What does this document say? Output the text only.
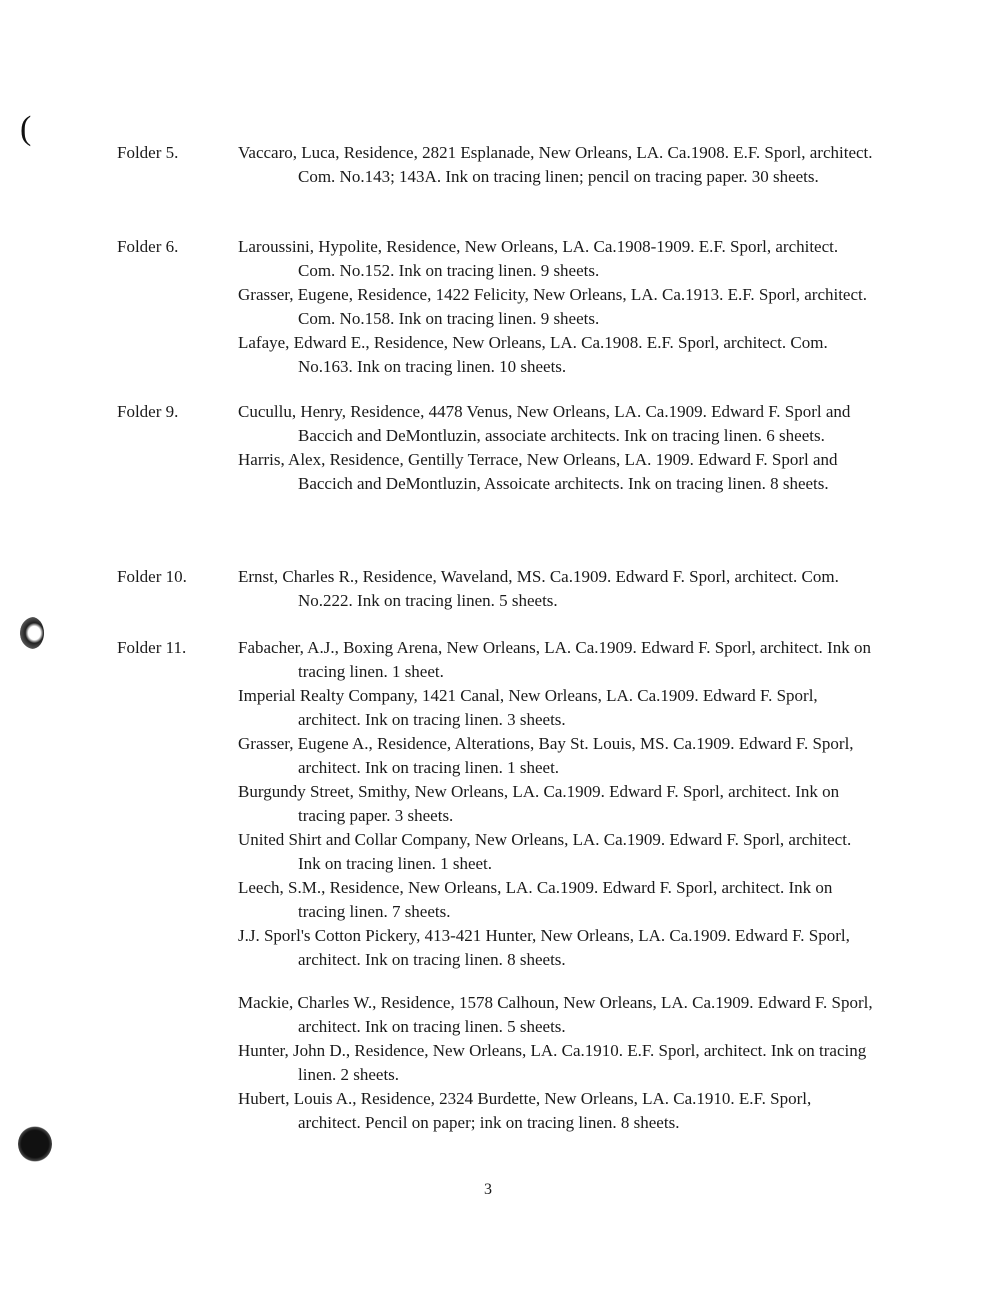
(
Folder 5.	Vaccaro, Luca, Residence, 2821 Esplanade, New Orleans, LA. Ca.1908. E.F. Sporl, architect. Com. No.143; 143A. Ink on tracing linen; pencil on tracing paper. 30 sheets.
Folder 6.	Laroussini, Hypolite, Residence, New Orleans, LA. Ca.1908-1909. E.F. Sporl, architect. Com. No.152. Ink on tracing linen. 9 sheets.
Grasser, Eugene, Residence, 1422 Felicity, New Orleans, LA. Ca.1913. E.F. Sporl, architect. Com. No.158. Ink on tracing linen. 9 sheets.
Lafaye, Edward E., Residence, New Orleans, LA. Ca.1908. E.F. Sporl, architect. Com. No.163. Ink on tracing linen. 10 sheets.
Folder 9.	Cucullu, Henry, Residence, 4478 Venus, New Orleans, LA. Ca.1909. Edward F. Sporl and Baccich and DeMontluzin, associate architects. Ink on tracing linen. 6 sheets.
Harris, Alex, Residence, Gentilly Terrace, New Orleans, LA. 1909. Edward F. Sporl and Baccich and DeMontluzin, Assoicate architects. Ink on tracing linen. 8 sheets.
Folder 10.	Ernst, Charles R., Residence, Waveland, MS. Ca.1909. Edward F. Sporl, architect. Com. No.222. Ink on tracing linen. 5 sheets.
Folder 11.	Fabacher, A.J., Boxing Arena, New Orleans, LA. Ca.1909. Edward F. Sporl, architect. Ink on tracing linen. 1 sheet.
Imperial Realty Company, 1421 Canal, New Orleans, LA. Ca.1909. Edward F. Sporl, architect. Ink on tracing linen. 3 sheets.
Grasser, Eugene A., Residence, Alterations, Bay St. Louis, MS. Ca.1909. Edward F. Sporl, architect. Ink on tracing linen. 1 sheet.
Burgundy Street, Smithy, New Orleans, LA. Ca.1909. Edward F. Sporl, architect. Ink on tracing paper. 3 sheets.
United Shirt and Collar Company, New Orleans, LA. Ca.1909. Edward F. Sporl, architect. Ink on tracing linen. 1 sheet.
Leech, S.M., Residence, New Orleans, LA. Ca.1909. Edward F. Sporl, architect. Ink on tracing linen. 7 sheets.
J.J. Sporl's Cotton Pickery, 413-421 Hunter, New Orleans, LA. Ca.1909. Edward F. Sporl, architect. Ink on tracing linen. 8 sheets.
Mackie, Charles W., Residence, 1578 Calhoun, New Orleans, LA. Ca.1909. Edward F. Sporl, architect. Ink on tracing linen. 5 sheets.
Hunter, John D., Residence, New Orleans, LA. Ca.1910. E.F. Sporl, architect. Ink on tracing linen. 2 sheets.
Hubert, Louis A., Residence, 2324 Burdette, New Orleans, LA. Ca.1910. E.F. Sporl, architect. Pencil on paper; ink on tracing linen. 8 sheets.
3
